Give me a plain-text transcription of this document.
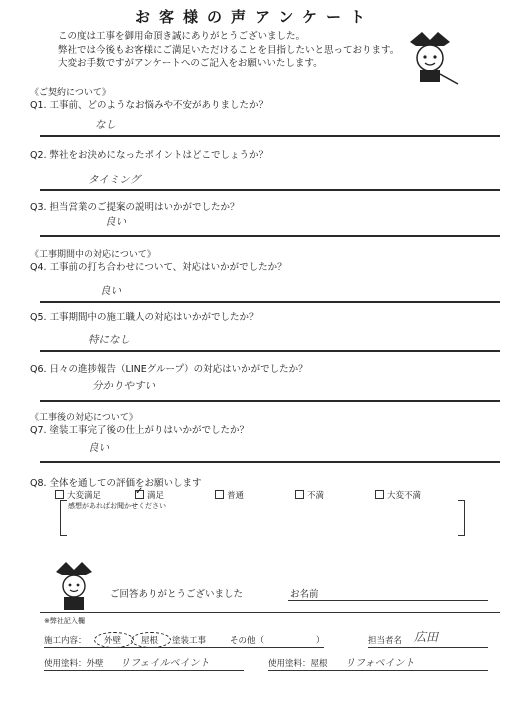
お客様の声アンケート
この度は工事を御用命頂き誠にありがとうございました。
弊社では今後もお客様にご満足いただけることを目指したいと思っております。
大変お手数ですがアンケートへのご記入をお願いいたします。
《ご契約について》
Q1. 工事前、どのようなお悩みや不安がありましたか？
なし
Q2. 弊社をお決めになったポイントはどこでしょうか？
タイミング
Q3. 担当営業のご提案の説明はいかがでしたか？
良い
《工事期間中の対応について》
Q4. 工事前の打ち合わせについて、対応はいかがでしたか？
良い
Q5. 工事期間中の施工職人の対応はいかがでしたか？
特になし
Q6. 日々の進捗報告（LINEグループ）の対応はいかがでしたか？
分かりやすい
《工事後の対応について》
Q7. 塗装工事完了後の仕上がりはいかがでしたか？
良い
Q8. 全体を通しての評価をお願いします
大変満足 ✓	満足	普通	不満	大変不満
感想があればお聞かせください
ご回答ありがとうございました	お名前
※弊社記入欄
施工内容： 外壁 屋根 塗装工事	その他（	）	担当者名 広田
使用塗料：外壁 リフェイルペイント	使用塗料：屋根 リフォペイント
